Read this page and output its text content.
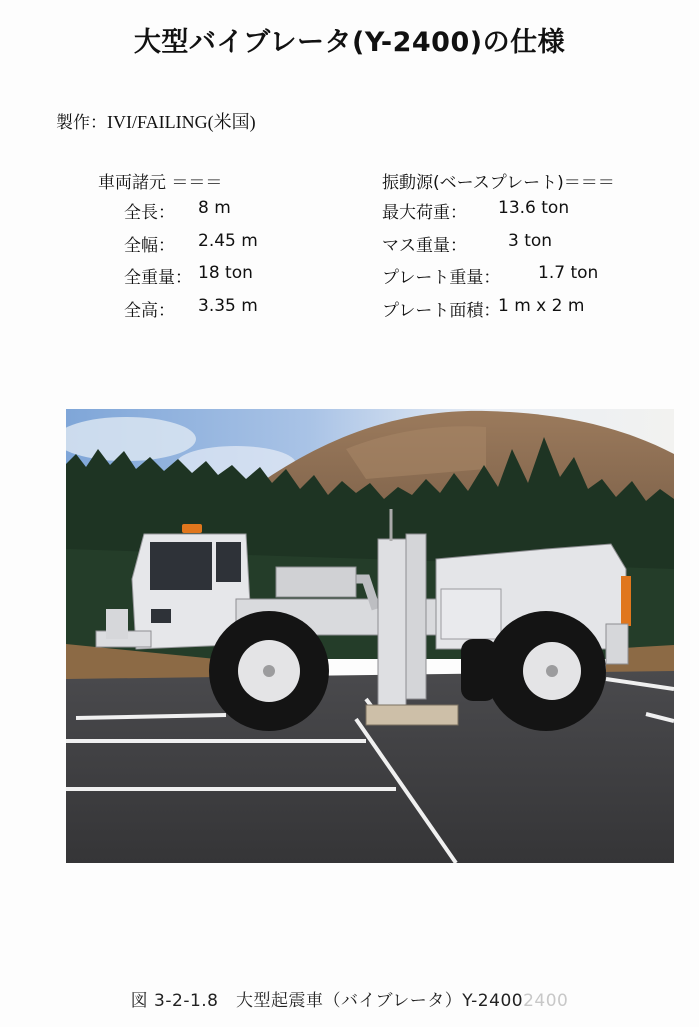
大型バイブレータ(Y-2400)の仕様
製作：IVI/FAILING(米国)
車両諸元 ＝＝＝
全長： 8 m
全幅： 2.45 m
全重量： 18 ton
全高： 3.35 m
振動源(ベースプレート)＝＝＝
最大荷重： 13.6 ton
マス重量： 3 ton
プレート重量： 1.7 ton
プレート面積：
1 m x 2 m
図 3-2-1.8　大型起震車（バイブレータ）Y-24002400
